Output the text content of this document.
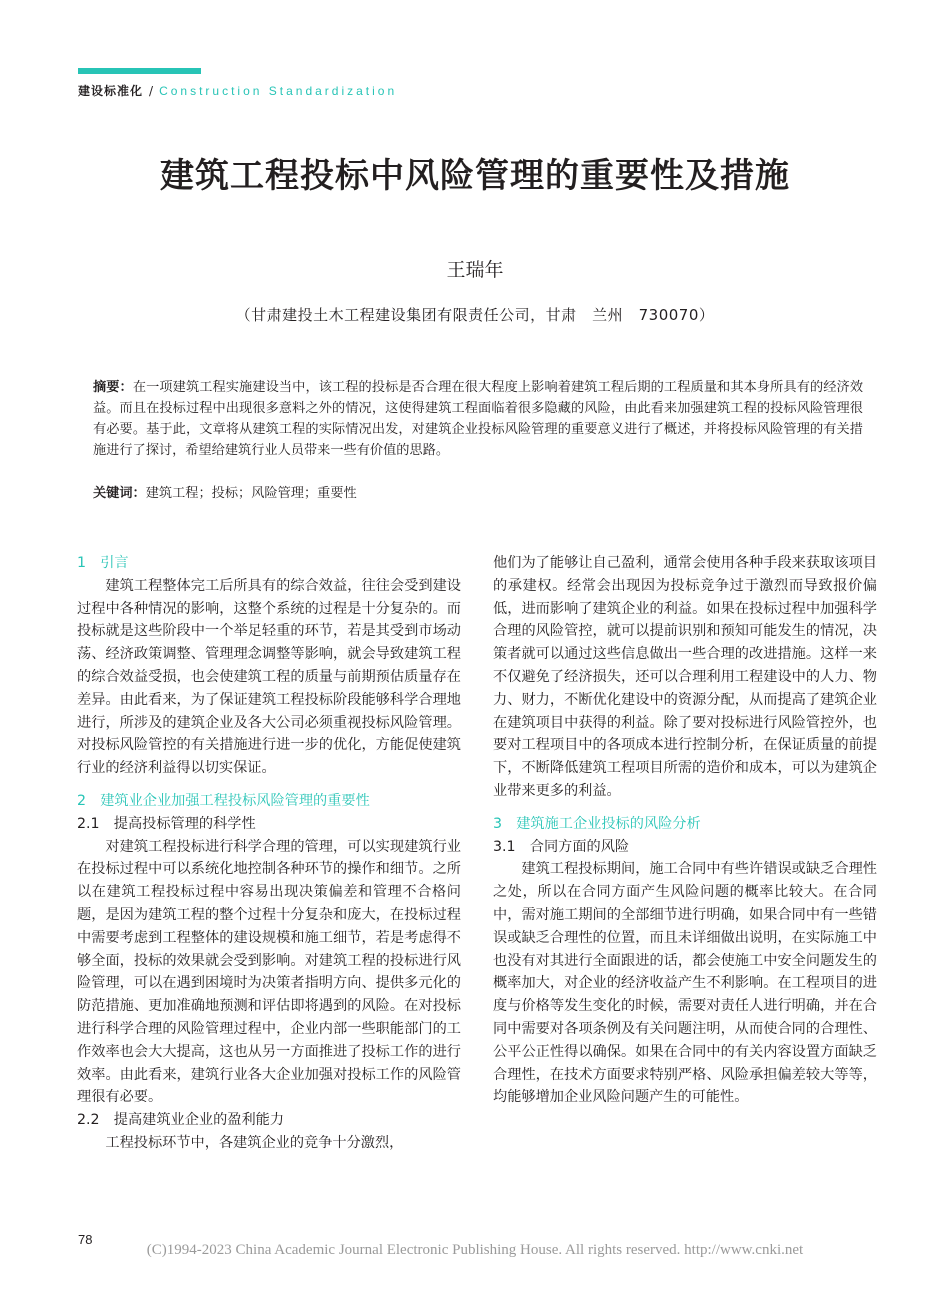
建设标准化 / Construction Standardization
建筑工程投标中风险管理的重要性及措施
王瑞年
（甘肃建投土木工程建设集团有限责任公司，甘肃　兰州　730070）
摘要：在一项建筑工程实施建设当中，该工程的投标是否合理在很大程度上影响着建筑工程后期的工程质量和其本身所具有的经济效益。而且在投标过程中出现很多意料之外的情况，这使得建筑工程面临着很多隐藏的风险，由此看来加强建筑工程的投标风险管理很有必要。基于此，文章将从建筑工程的实际情况出发，对建筑企业投标风险管理的重要意义进行了概述，并将投标风险管理的有关措施进行了探讨，希望给建筑行业人员带来一些有价值的思路。
关键词：建筑工程；投标；风险管理；重要性
1　引言
建筑工程整体完工后所具有的综合效益，往往会受到建设过程中各种情况的影响，这整个系统的过程是十分复杂的。而投标就是这些阶段中一个举足轻重的环节，若是其受到市场动荡、经济政策调整、管理理念调整等影响，就会导致建筑工程的综合效益受损，也会使建筑工程的质量与前期预估质量存在差异。由此看来，为了保证建筑工程投标阶段能够科学合理地进行，所涉及的建筑企业及各大公司必须重视投标风险管理。对投标风险管控的有关措施进行进一步的优化，方能促使建筑行业的经济利益得以切实保证。
2　建筑业企业加强工程投标风险管理的重要性
2.1　提高投标管理的科学性
对建筑工程投标进行科学合理的管理，可以实现建筑行业在投标过程中可以系统化地控制各种环节的操作和细节。之所以在建筑工程投标过程中容易出现决策偏差和管理不合格问题，是因为建筑工程的整个过程十分复杂和庞大，在投标过程中需要考虑到工程整体的建设规模和施工细节，若是考虑得不够全面，投标的效果就会受到影响。对建筑工程的投标进行风险管理，可以在遇到困境时为决策者指明方向、提供多元化的防范措施、更加准确地预测和评估即将遇到的风险。在对投标进行科学合理的风险管理过程中，企业内部一些职能部门的工作效率也会大大提高，这也从另一方面推进了投标工作的进行效率。由此看来，建筑行业各大企业加强对投标工作的风险管理很有必要。
2.2　提高建筑业企业的盈利能力
工程投标环节中，各建筑企业的竞争十分激烈，
他们为了能够让自己盈利，通常会使用各种手段来获取该项目的承建权。经常会出现因为投标竞争过于激烈而导致报价偏低，进而影响了建筑企业的利益。如果在投标过程中加强科学合理的风险管控，就可以提前识别和预知可能发生的情况，决策者就可以通过这些信息做出一些合理的改进措施。这样一来不仅避免了经济损失，还可以合理利用工程建设中的人力、物力、财力，不断优化建设中的资源分配，从而提高了建筑企业在建筑项目中获得的利益。除了要对投标进行风险管控外，也要对工程项目中的各项成本进行控制分析，在保证质量的前提下，不断降低建筑工程项目所需的造价和成本，可以为建筑企业带来更多的利益。
3　建筑施工企业投标的风险分析
3.1　合同方面的风险
建筑工程投标期间，施工合同中有些许错误或缺乏合理性之处，所以在合同方面产生风险问题的概率比较大。在合同中，需对施工期间的全部细节进行明确，如果合同中有一些错误或缺乏合理性的位置，而且未详细做出说明，在实际施工中也没有对其进行全面跟进的话，都会使施工中安全问题发生的概率加大，对企业的经济收益产生不利影响。在工程项目的进度与价格等发生变化的时候，需要对责任人进行明确，并在合同中需要对各项条例及有关问题注明，从而使合同的合理性、公平公正性得以确保。如果在合同中的有关内容设置方面缺乏合理性，在技术方面要求特别严格、风险承担偏差较大等等，均能够增加企业风险问题产生的可能性。
78
(C)1994-2023 China Academic Journal Electronic Publishing House. All rights reserved. http://www.cnki.net
